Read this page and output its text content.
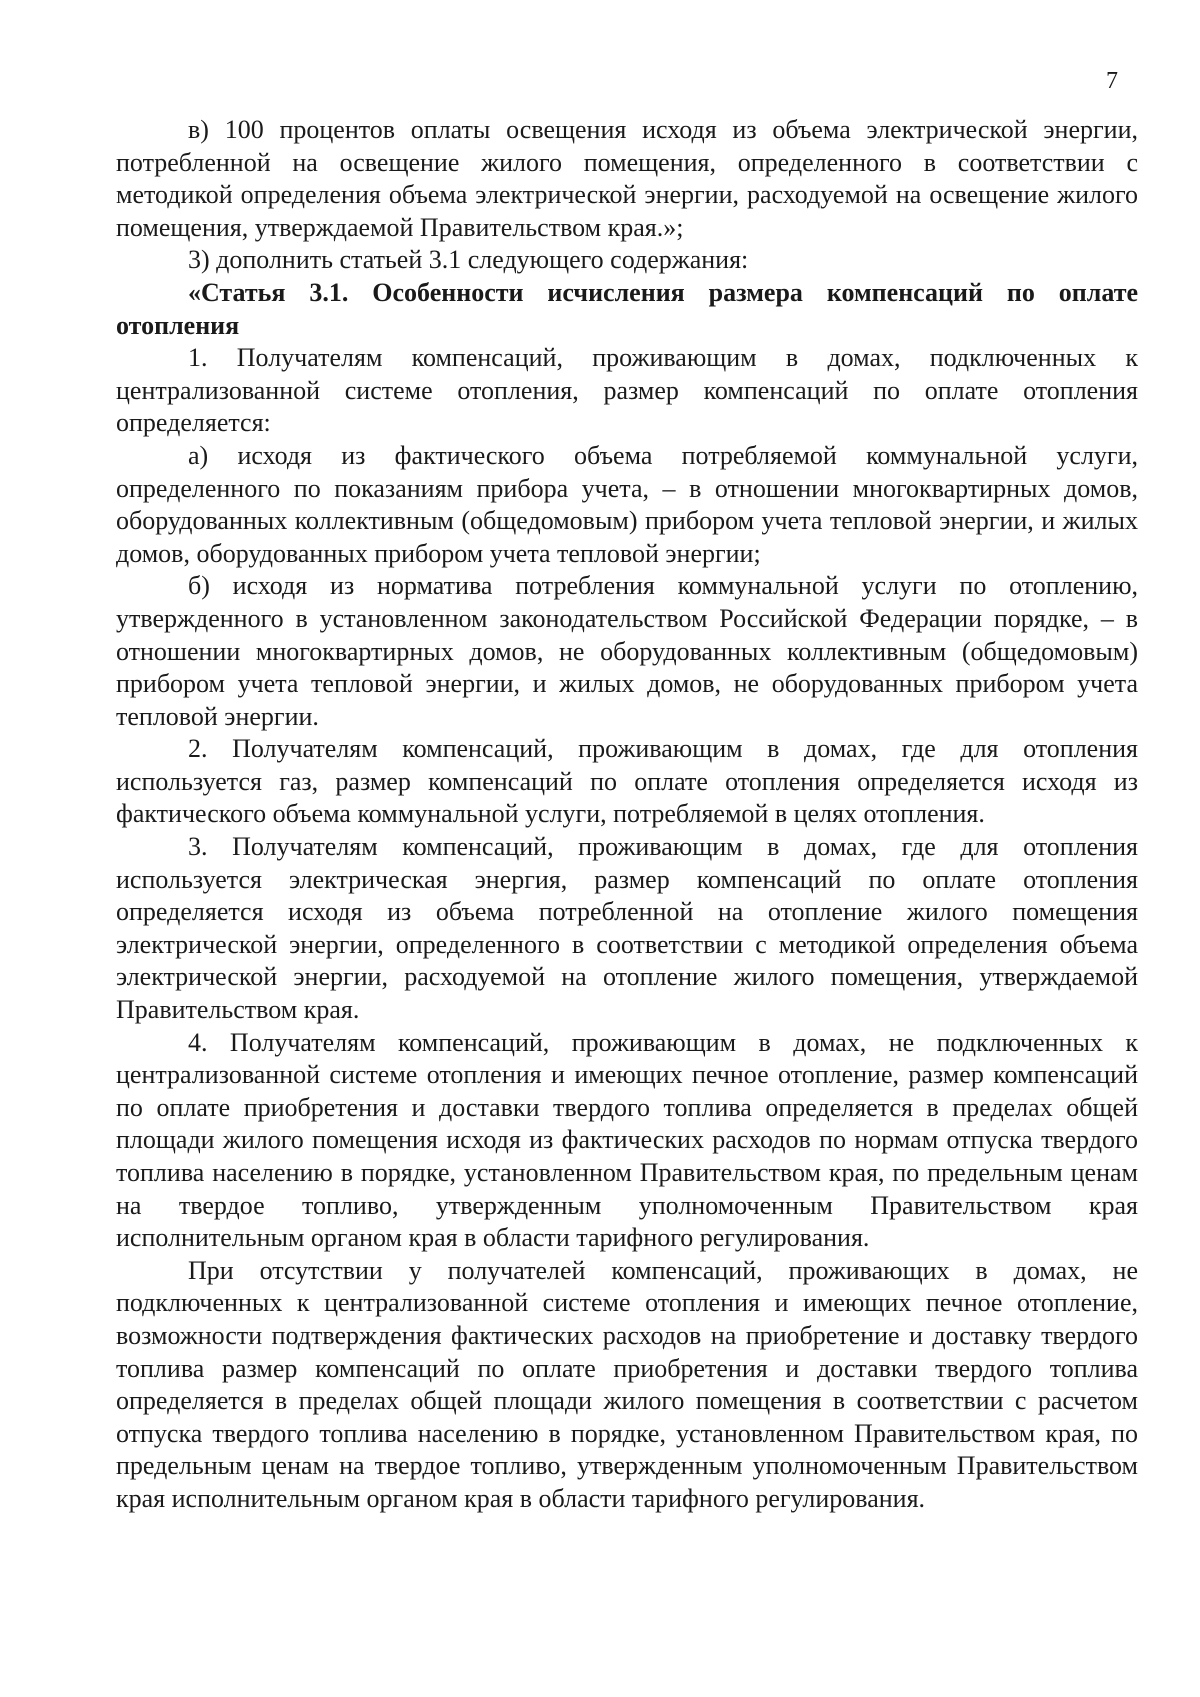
7

в) 100 процентов оплаты освещения исходя из объема электрической энергии, потребленной на освещение жилого помещения, определенного в соответствии с методикой определения объема электрической энергии, расходуемой на освещение жилого помещения, утверждаемой Правительством края.»;

3) дополнить статьей 3.1 следующего содержания:

«Статья 3.1. Особенности исчисления размера компенсаций по оплате отопления

1. Получателям компенсаций, проживающим в домах, подключенных к централизованной системе отопления, размер компенсаций по оплате отопления определяется:

а) исходя из фактического объема потребляемой коммунальной услуги, определенного по показаниям прибора учета, – в отношении многоквартирных домов, оборудованных коллективным (общедомовым) прибором учета тепловой энергии, и жилых домов, оборудованных прибором учета тепловой энергии;

б) исходя из норматива потребления коммунальной услуги по отоплению, утвержденного в установленном законодательством Российской Федерации порядке, – в отношении многоквартирных домов, не оборудованных коллективным (общедомовым) прибором учета тепловой энергии, и жилых домов, не оборудованных прибором учета тепловой энергии.

2. Получателям компенсаций, проживающим в домах, где для отопления используется газ, размер компенсаций по оплате отопления определяется исходя из фактического объема коммунальной услуги, потребляемой в целях отопления.

3. Получателям компенсаций, проживающим в домах, где для отопления используется электрическая энергия, размер компенсаций по оплате отопления определяется исходя из объема потребленной на отопление жилого помещения электрической энергии, определенного в соответствии с методикой определения объема электрической энергии, расходуемой на отопление жилого помещения, утверждаемой Правительством края.

4. Получателям компенсаций, проживающим в домах, не подключенных к централизованной системе отопления и имеющих печное отопление, размер компенсаций по оплате приобретения и доставки твердого топлива определяется в пределах общей площади жилого помещения исходя из фактических расходов по нормам отпуска твердого топлива населению в порядке, установленном Правительством края, по предельным ценам на твердое топливо, утвержденным уполномоченным Правительством края исполнительным органом края в области тарифного регулирования.

При отсутствии у получателей компенсаций, проживающих в домах, не подключенных к централизованной системе отопления и имеющих печное отопление, возможности подтверждения фактических расходов на приобретение и доставку твердого топлива размер компенсаций по оплате приобретения и доставки твердого топлива определяется в пределах общей площади жилого помещения в соответствии с расчетом отпуска твердого топлива населению в порядке, установленном Правительством края, по предельным ценам на твердое топливо, утвержденным уполномоченным Правительством края исполнительным органом края в области тарифного регулирования.
